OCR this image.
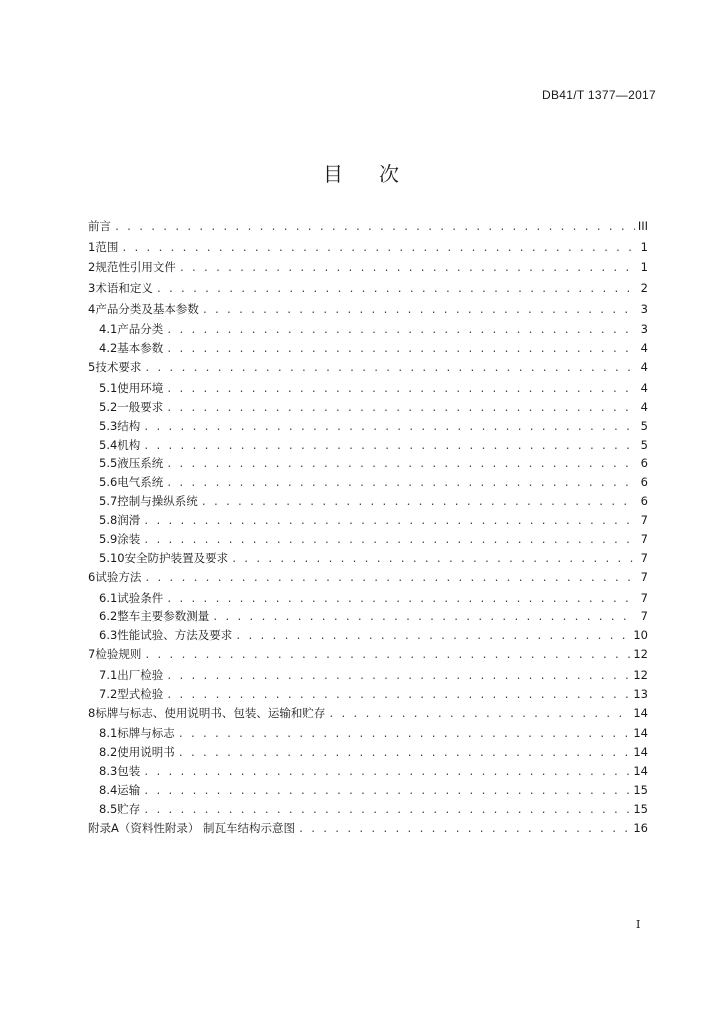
DB41/T 1377—2017
目 次
前言 . . .	III
1 范围 . . .	1
2 规范性引用文件 . . .	1
3 术语和定义 . . .	2
4 产品分类及基本参数 . . .	3
4.1 产品分类 . . .	3
4.2 基本参数 . . .	4
5 技术要求 . . .	4
5.1 使用环境 . . .	4
5.2 一般要求 . . .	4
5.3 结构 . . .	5
5.4 机构 . . .	5
5.5 液压系统 . . .	6
5.6 电气系统 . . .	6
5.7 控制与操纵系统 . . .	6
5.8 润滑 . . .	7
5.9 涂装 . . .	7
5.10 安全防护装置及要求 . . .	7
6 试验方法 . . .	7
6.1 试验条件 . . .	7
6.2 整车主要参数测量 . . .	7
6.3 性能试验、方法及要求 . . .	10
7 检验规则 . . .	12
7.1 出厂检验 . . .	12
7.2 型式检验 . . .	13
8 标牌与标志、使用说明书、包装、运输和贮存 . . .	14
8.1 标牌与标志 . . .	14
8.2 使用说明书 . . .	14
8.3 包装 . . .	14
8.4 运输 . . .	15
8.5 贮存 . . .	15
附录A（资料性附录） 制瓦车结构示意图 . . .	16
I
